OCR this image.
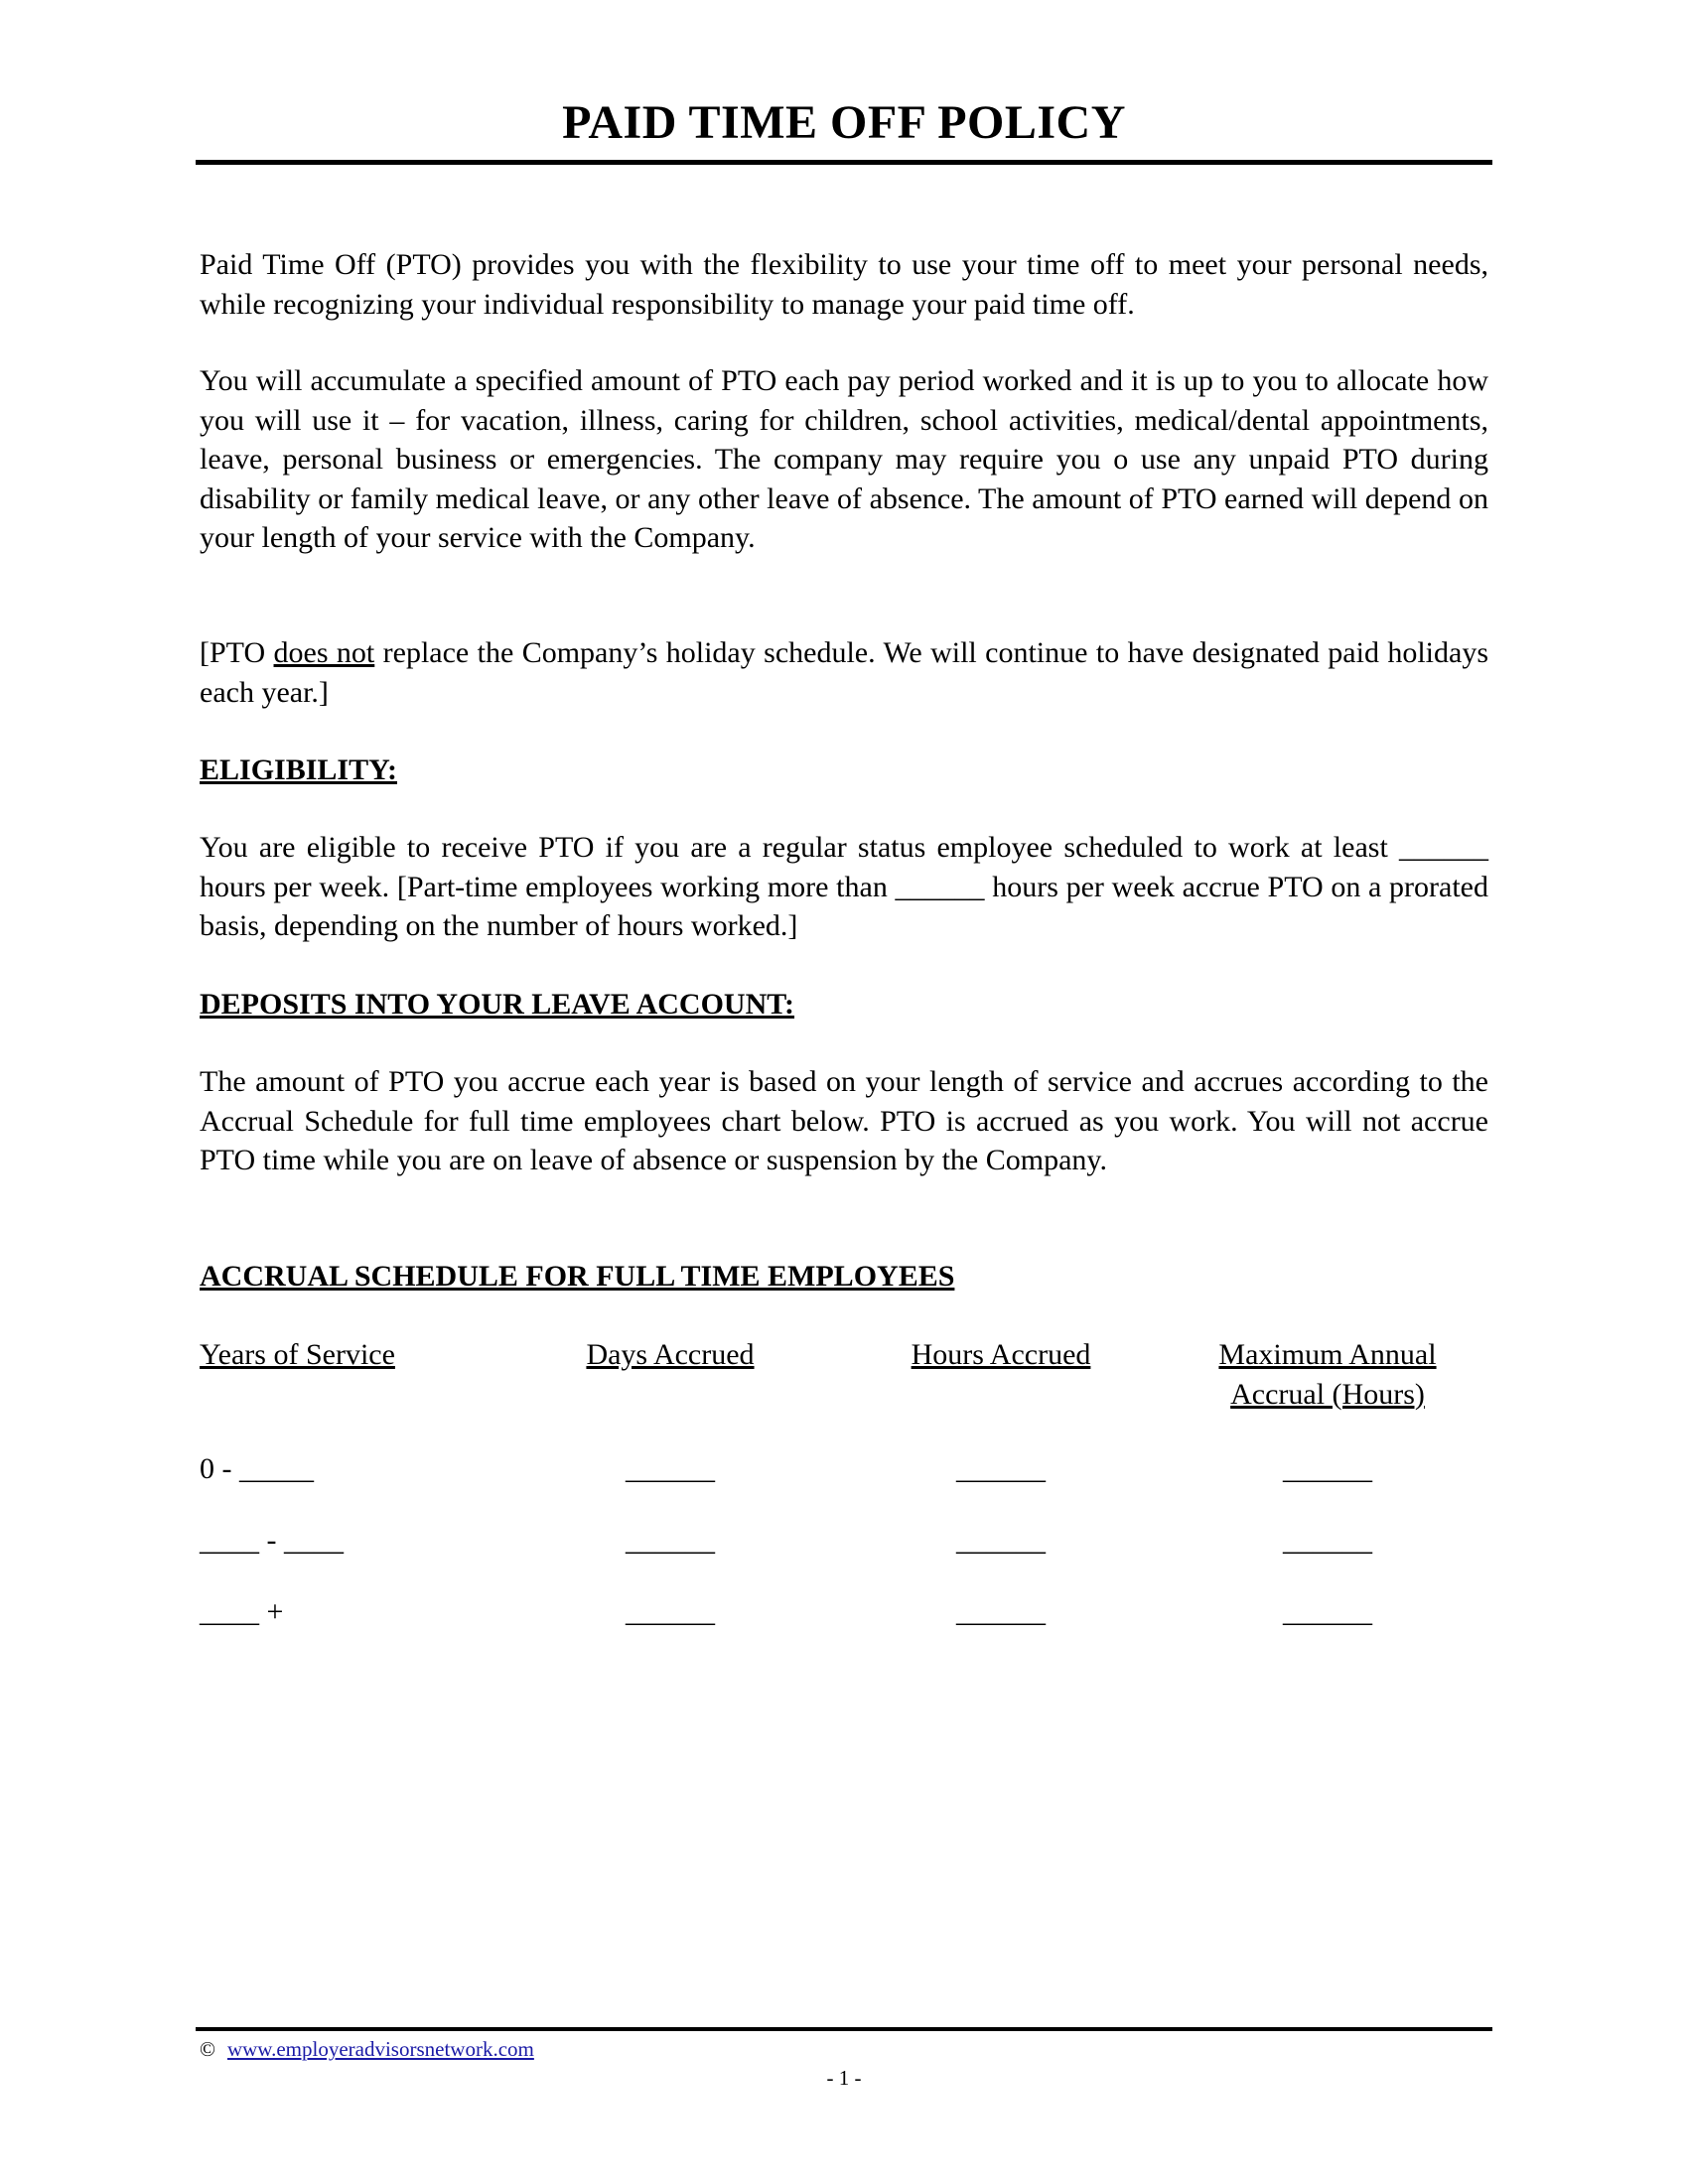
PAID TIME OFF POLICY

Paid Time Off (PTO) provides you with the flexibility to use your time off to meet your personal needs, while recognizing your individual responsibility to manage your paid time off.

You will accumulate a specified amount of PTO each pay period worked and it is up to you to allocate how you will use it – for vacation, illness, caring for children, school activities, medical/dental appointments, leave, personal business or emergencies. The company may require you o use any unpaid PTO during disability or family medical leave, or any other leave of absence. The amount of PTO earned will depend on your length of your service with the Company.

[PTO does not replace the Company’s holiday schedule. We will continue to have designated paid holidays each year.]

ELIGIBILITY:

You are eligible to receive PTO if you are a regular status employee scheduled to work at least ______ hours per week. [Part-time employees working more than ______ hours per week accrue PTO on a prorated basis, depending on the number of hours worked.]

DEPOSITS INTO YOUR LEAVE ACCOUNT:

The amount of PTO you accrue each year is based on your length of service and accrues according to the Accrual Schedule for full time employees chart below. PTO is accrued as you work. You will not accrue PTO time while you are on leave of absence or suspension by the Company.

ACCRUAL SCHEDULE FOR FULL TIME EMPLOYEES
Years of Service	Days Accrued	Hours Accrued	Maximum Annual
Accrual (Hours)
0 - _____	______	______	______
____ - ____	______	______	______
____ +	______	______	______
© www.employeradvisorsnetwork.com
- 1 -
